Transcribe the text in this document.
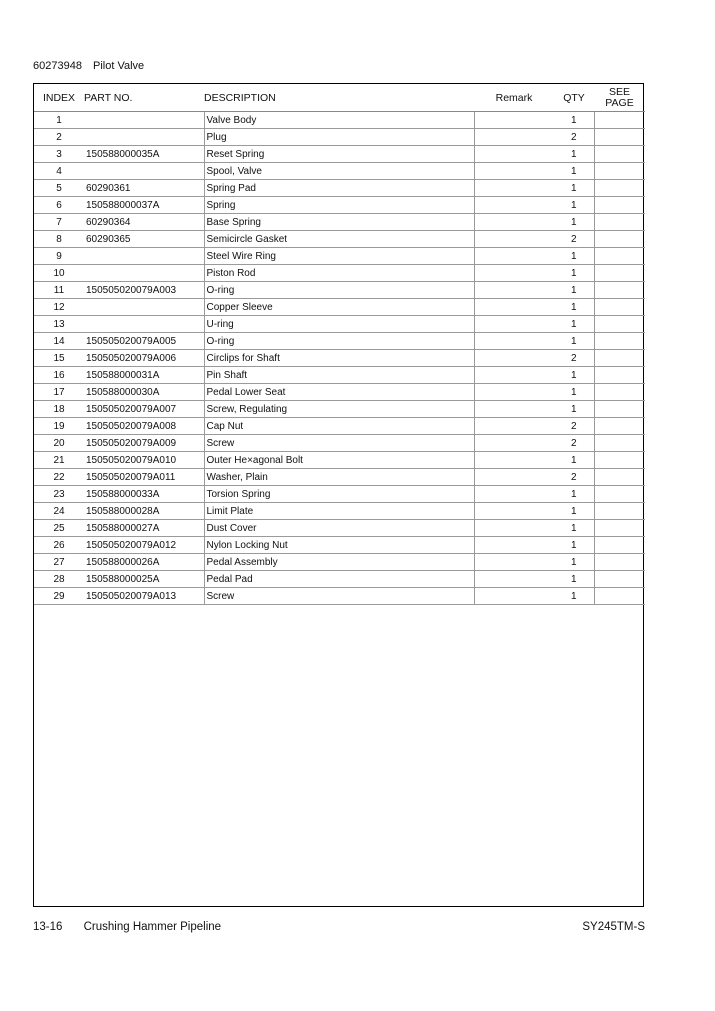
60273948 Pilot Valve
INDEX	PART NO.	DESCRIPTION	Remark	QTY	SEE
PAGE
1		Valve Body		1	
2		Plug		2	
3	150588000035A	Reset Spring		1	
4		Spool, Valve		1	
5	60290361	Spring Pad		1	
6	150588000037A	Spring		1	
7	60290364	Base Spring		1	
8	60290365	Semicircle Gasket		2	
9		Steel Wire Ring		1	
10		Piston Rod		1	
11	150505020079A003	O-ring		1	
12		Copper Sleeve		1	
13		U-ring		1	
14	150505020079A005	O-ring		1	
15	150505020079A006	Circlips for Shaft		2	
16	150588000031A	Pin Shaft		1	
17	150588000030A	Pedal Lower Seat		1	
18	150505020079A007	Screw, Regulating		1	
19	150505020079A008	Cap Nut		2	
20	150505020079A009	Screw		2	
21	150505020079A010	Outer He×agonal Bolt		1	
22	150505020079A011	Washer, Plain		2	
23	150588000033A	Torsion Spring		1	
24	150588000028A	Limit Plate		1	
25	150588000027A	Dust Cover		1	
26	150505020079A012	Nylon Locking Nut		1	
27	150588000026A	Pedal Assembly		1	
28	150588000025A	Pedal Pad		1	
29	150505020079A013	Screw		1	
13-16 Crushing Hammer Pipeline	SY245TM-S
